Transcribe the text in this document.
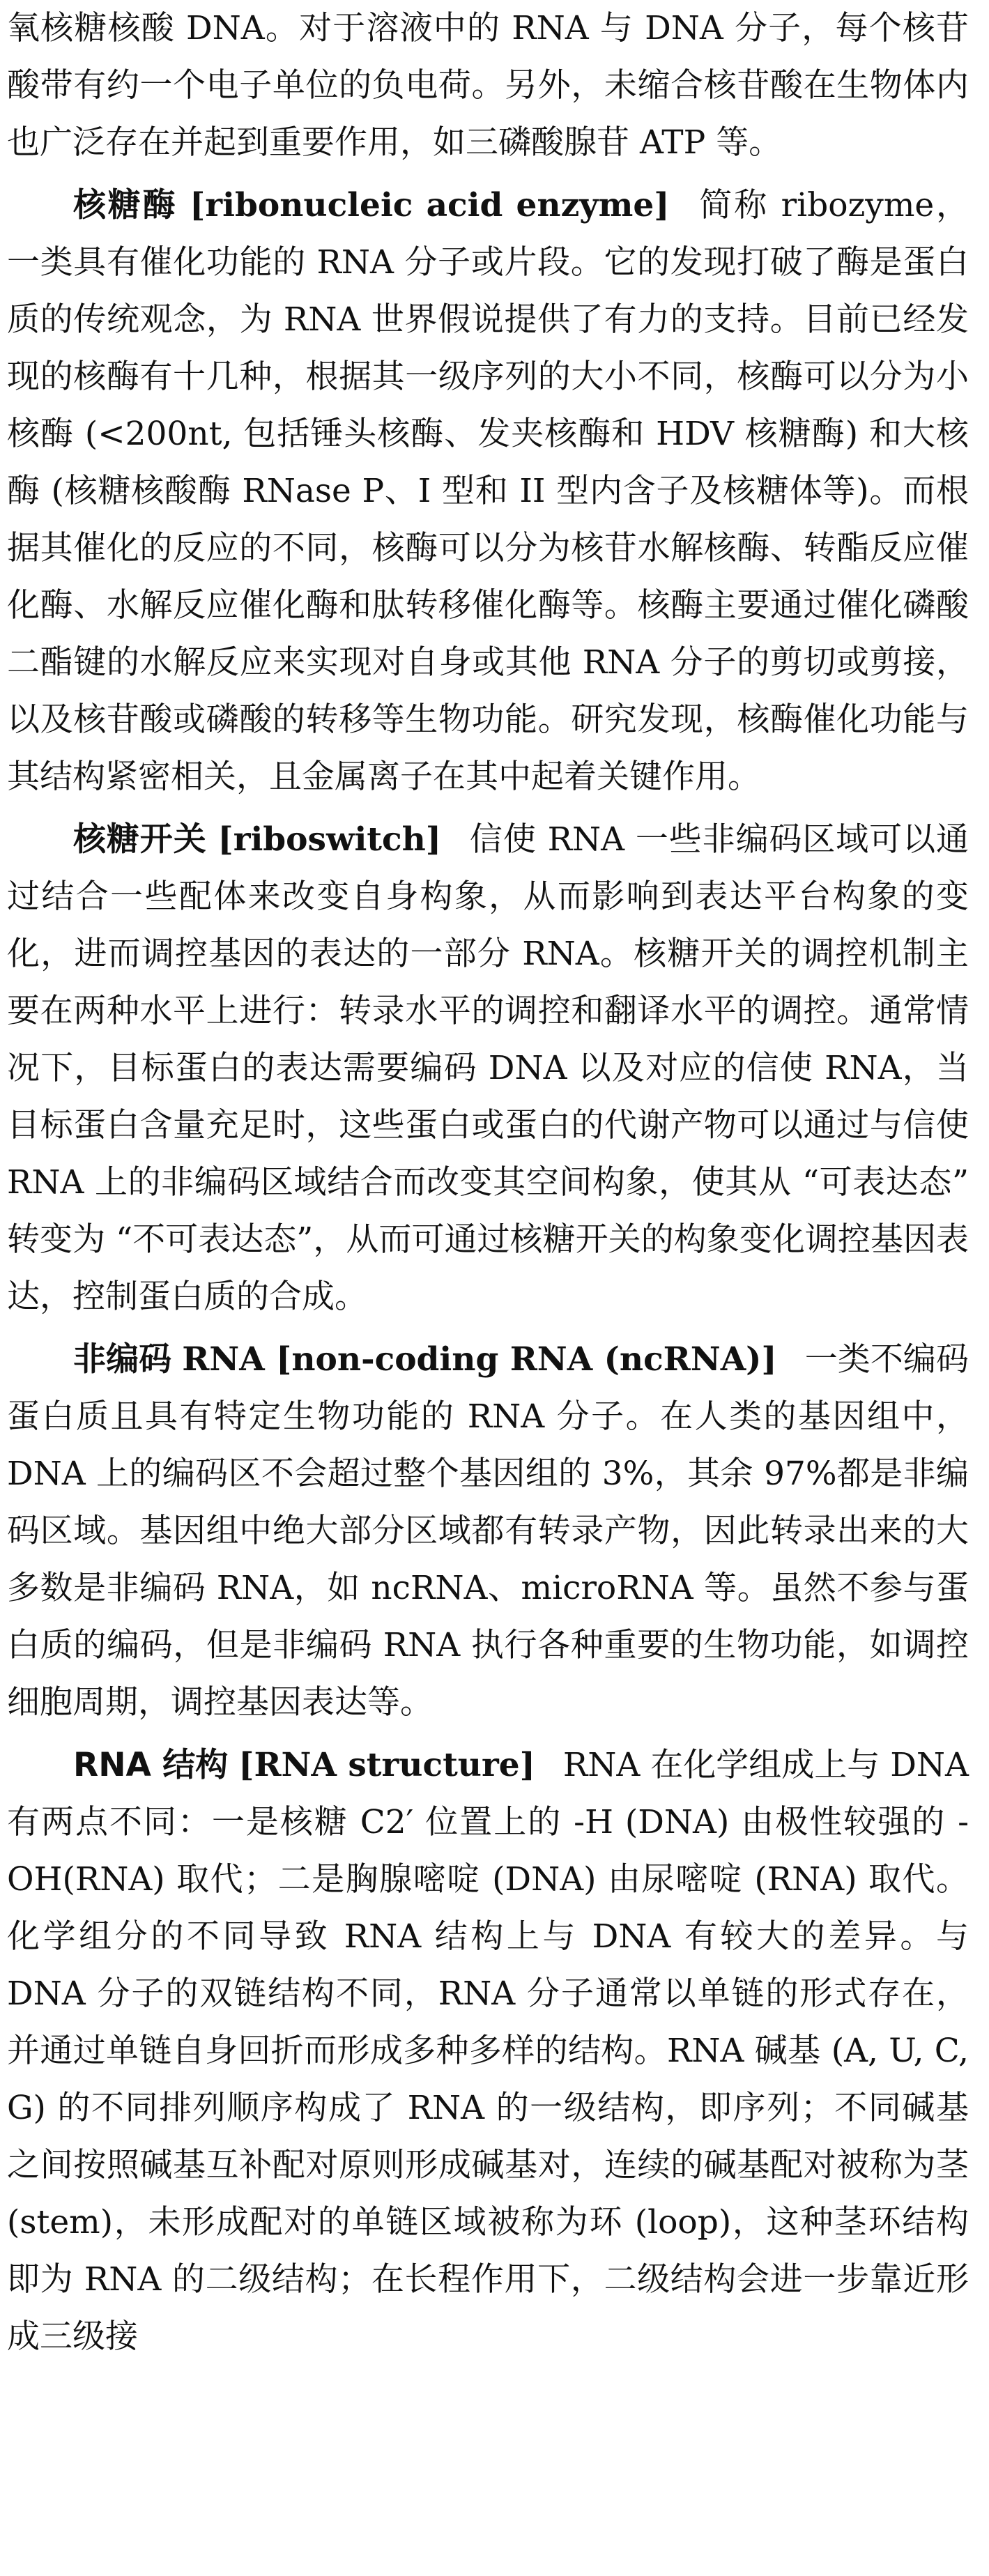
氧核糖核酸 DNA。对于溶液中的 RNA 与 DNA 分子，每个核苷酸带有约一个电子单位的负电荷。另外，未缩合核苷酸在生物体内也广泛存在并起到重要作用，如三磷酸腺苷 ATP 等。

核糖酶 [ribonucleic acid enzyme] 简称 ribozyme，一类具有催化功能的 RNA 分子或片段。它的发现打破了酶是蛋白质的传统观念，为 RNA 世界假说提供了有力的支持。目前已经发现的核酶有十几种，根据其一级序列的大小不同，核酶可以分为小核酶 (<200nt, 包括锤头核酶、发夹核酶和 HDV 核糖酶) 和大核酶 (核糖核酸酶 RNase P、I 型和 II 型内含子及核糖体等)。而根据其催化的反应的不同，核酶可以分为核苷水解核酶、转酯反应催化酶、水解反应催化酶和肽转移催化酶等。核酶主要通过催化磷酸二酯键的水解反应来实现对自身或其他 RNA 分子的剪切或剪接，以及核苷酸或磷酸的转移等生物功能。研究发现，核酶催化功能与其结构紧密相关，且金属离子在其中起着关键作用。

核糖开关 [riboswitch] 信使 RNA 一些非编码区域可以通过结合一些配体来改变自身构象，从而影响到表达平台构象的变化，进而调控基因的表达的一部分 RNA。核糖开关的调控机制主要在两种水平上进行：转录水平的调控和翻译水平的调控。通常情况下，目标蛋白的表达需要编码 DNA 以及对应的信使 RNA，当目标蛋白含量充足时，这些蛋白或蛋白的代谢产物可以通过与信使 RNA 上的非编码区域结合而改变其空间构象，使其从 “可表达态” 转变为 “不可表达态”，从而可通过核糖开关的构象变化调控基因表达，控制蛋白质的合成。

非编码 RNA [non-coding RNA (ncRNA)] 一类不编码蛋白质且具有特定生物功能的 RNA 分子。在人类的基因组中，DNA 上的编码区不会超过整个基因组的 3%，其余 97%都是非编码区域。基因组中绝大部分区域都有转录产物，因此转录出来的大多数是非编码 RNA，如 ncRNA、microRNA 等。虽然不参与蛋白质的编码，但是非编码 RNA 执行各种重要的生物功能，如调控细胞周期，调控基因表达等。

RNA 结构 [RNA structure] RNA 在化学组成上与 DNA 有两点不同：一是核糖 C2′ 位置上的 -H (DNA) 由极性较强的 -OH(RNA) 取代；二是胸腺嘧啶 (DNA) 由尿嘧啶 (RNA) 取代。化学组分的不同导致 RNA 结构上与 DNA 有较大的差异。与 DNA 分子的双链结构不同，RNA 分子通常以单链的形式存在，并通过单链自身回折而形成多种多样的结构。RNA 碱基 (A, U, C, G) 的不同排列顺序构成了 RNA 的一级结构，即序列；不同碱基之间按照碱基互补配对原则形成碱基对，连续的碱基配对被称为茎 (stem)，未形成配对的单链区域被称为环 (loop)，这种茎环结构即为 RNA 的二级结构；在长程作用下，二级结构会进一步靠近形成三级接
